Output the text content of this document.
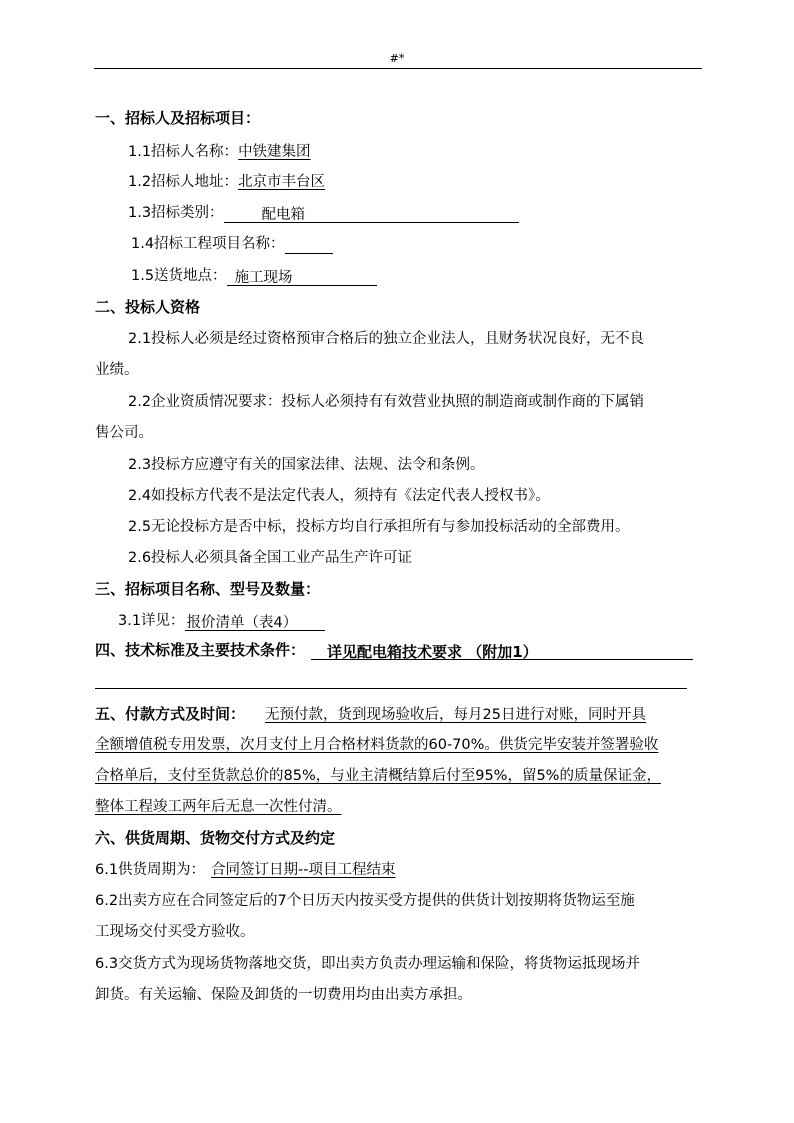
#*
一、招标人及招标项目：
1.1招标人名称：中铁建集团
1.2招标人地址：北京市丰台区
1.3招标类别：	配电箱
1.4招标工程项目名称：
1.5送货地点： 施工现场
二、投标人资格
2.1投标人必须是经过资格预审合格后的独立企业法人，且财务状况良好，无不良
业绩。
2.2企业资质情况要求：投标人必须持有有效营业执照的制造商或制作商的下属销
售公司。
2.3投标方应遵守有关的国家法律、法规、法令和条例。
2.4如投标方代表不是法定代表人，须持有《法定代表人授权书》。
2.5无论投标方是否中标，投标方均自行承担所有与参加投标活动的全部费用。
2.6投标人必须具备全国工业产品生产许可证
三、招标项目名称、型号及数量：
3.1详见： 报价清单（表4）
四、技术标准及主要技术条件： 详见配电箱技术要求 （附加1）
五、付款方式及时间： 无预付款，货到现场验收后，每月25日进行对账，同时开具
全额增值税专用发票，次月支付上月合格材料货款的60-70%。供货完毕安装并签署验收
合格单后，支付至货款总价的85%，与业主清概结算后付至95%，留5%的质量保证金，
整体工程竣工两年后无息一次性付清。
六、供货周期、货物交付方式及约定
6.1供货周期为： 合同签订日期--项目工程结束
6.2出卖方应在合同签定后的7个日历天内按买受方提供的供货计划按期将货物运至施
工现场交付买受方验收。
6.3交货方式为现场货物落地交货，即出卖方负责办理运输和保险，将货物运抵现场并
卸货。有关运输、保险及卸货的一切费用均由出卖方承担。
